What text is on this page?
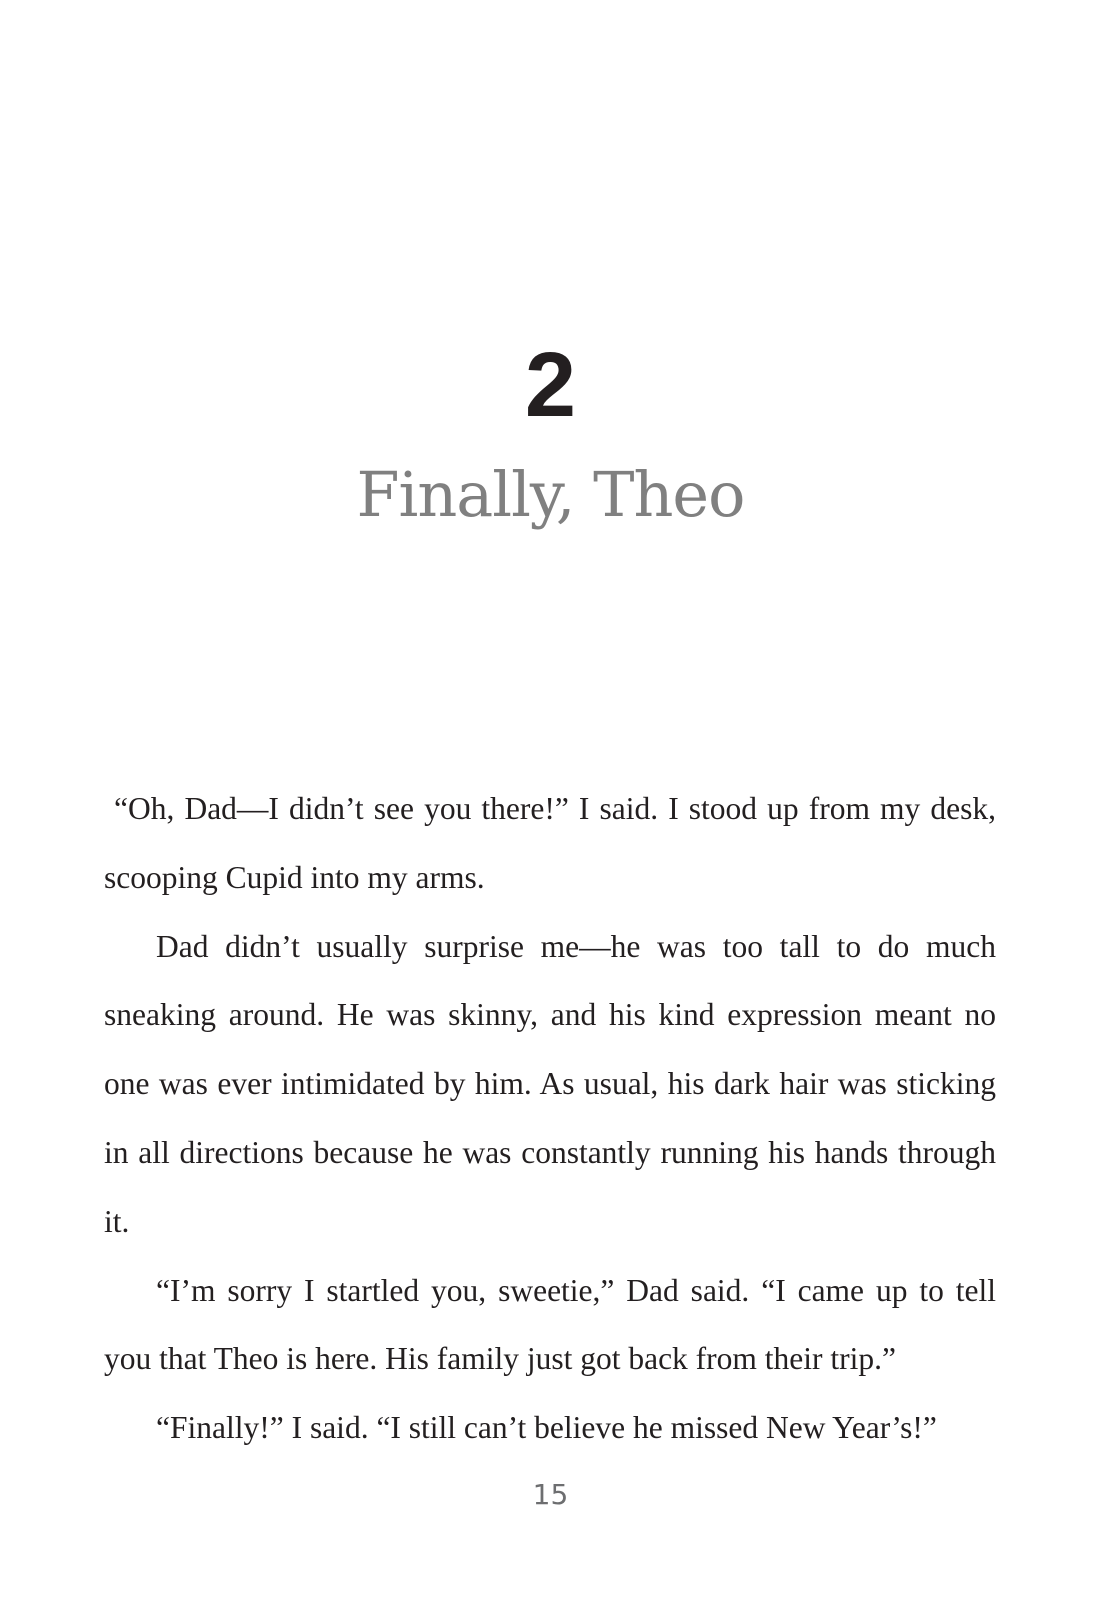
2
Finally, Theo

“Oh, Dad—I didn’t see you there!” I said. I stood up from my desk, scooping Cupid into my arms.

Dad didn’t usually surprise me—he was too tall to do much sneaking around. He was skinny, and his kind expression meant no one was ever intimidated by him. As usual, his dark hair was sticking in all directions because he was constantly running his hands through it.

“I’m sorry I startled you, sweetie,” Dad said. “I came up to tell you that Theo is here. His family just got back from their trip.”

“Finally!” I said. “I still can’t believe he missed New Year’s!”

15
